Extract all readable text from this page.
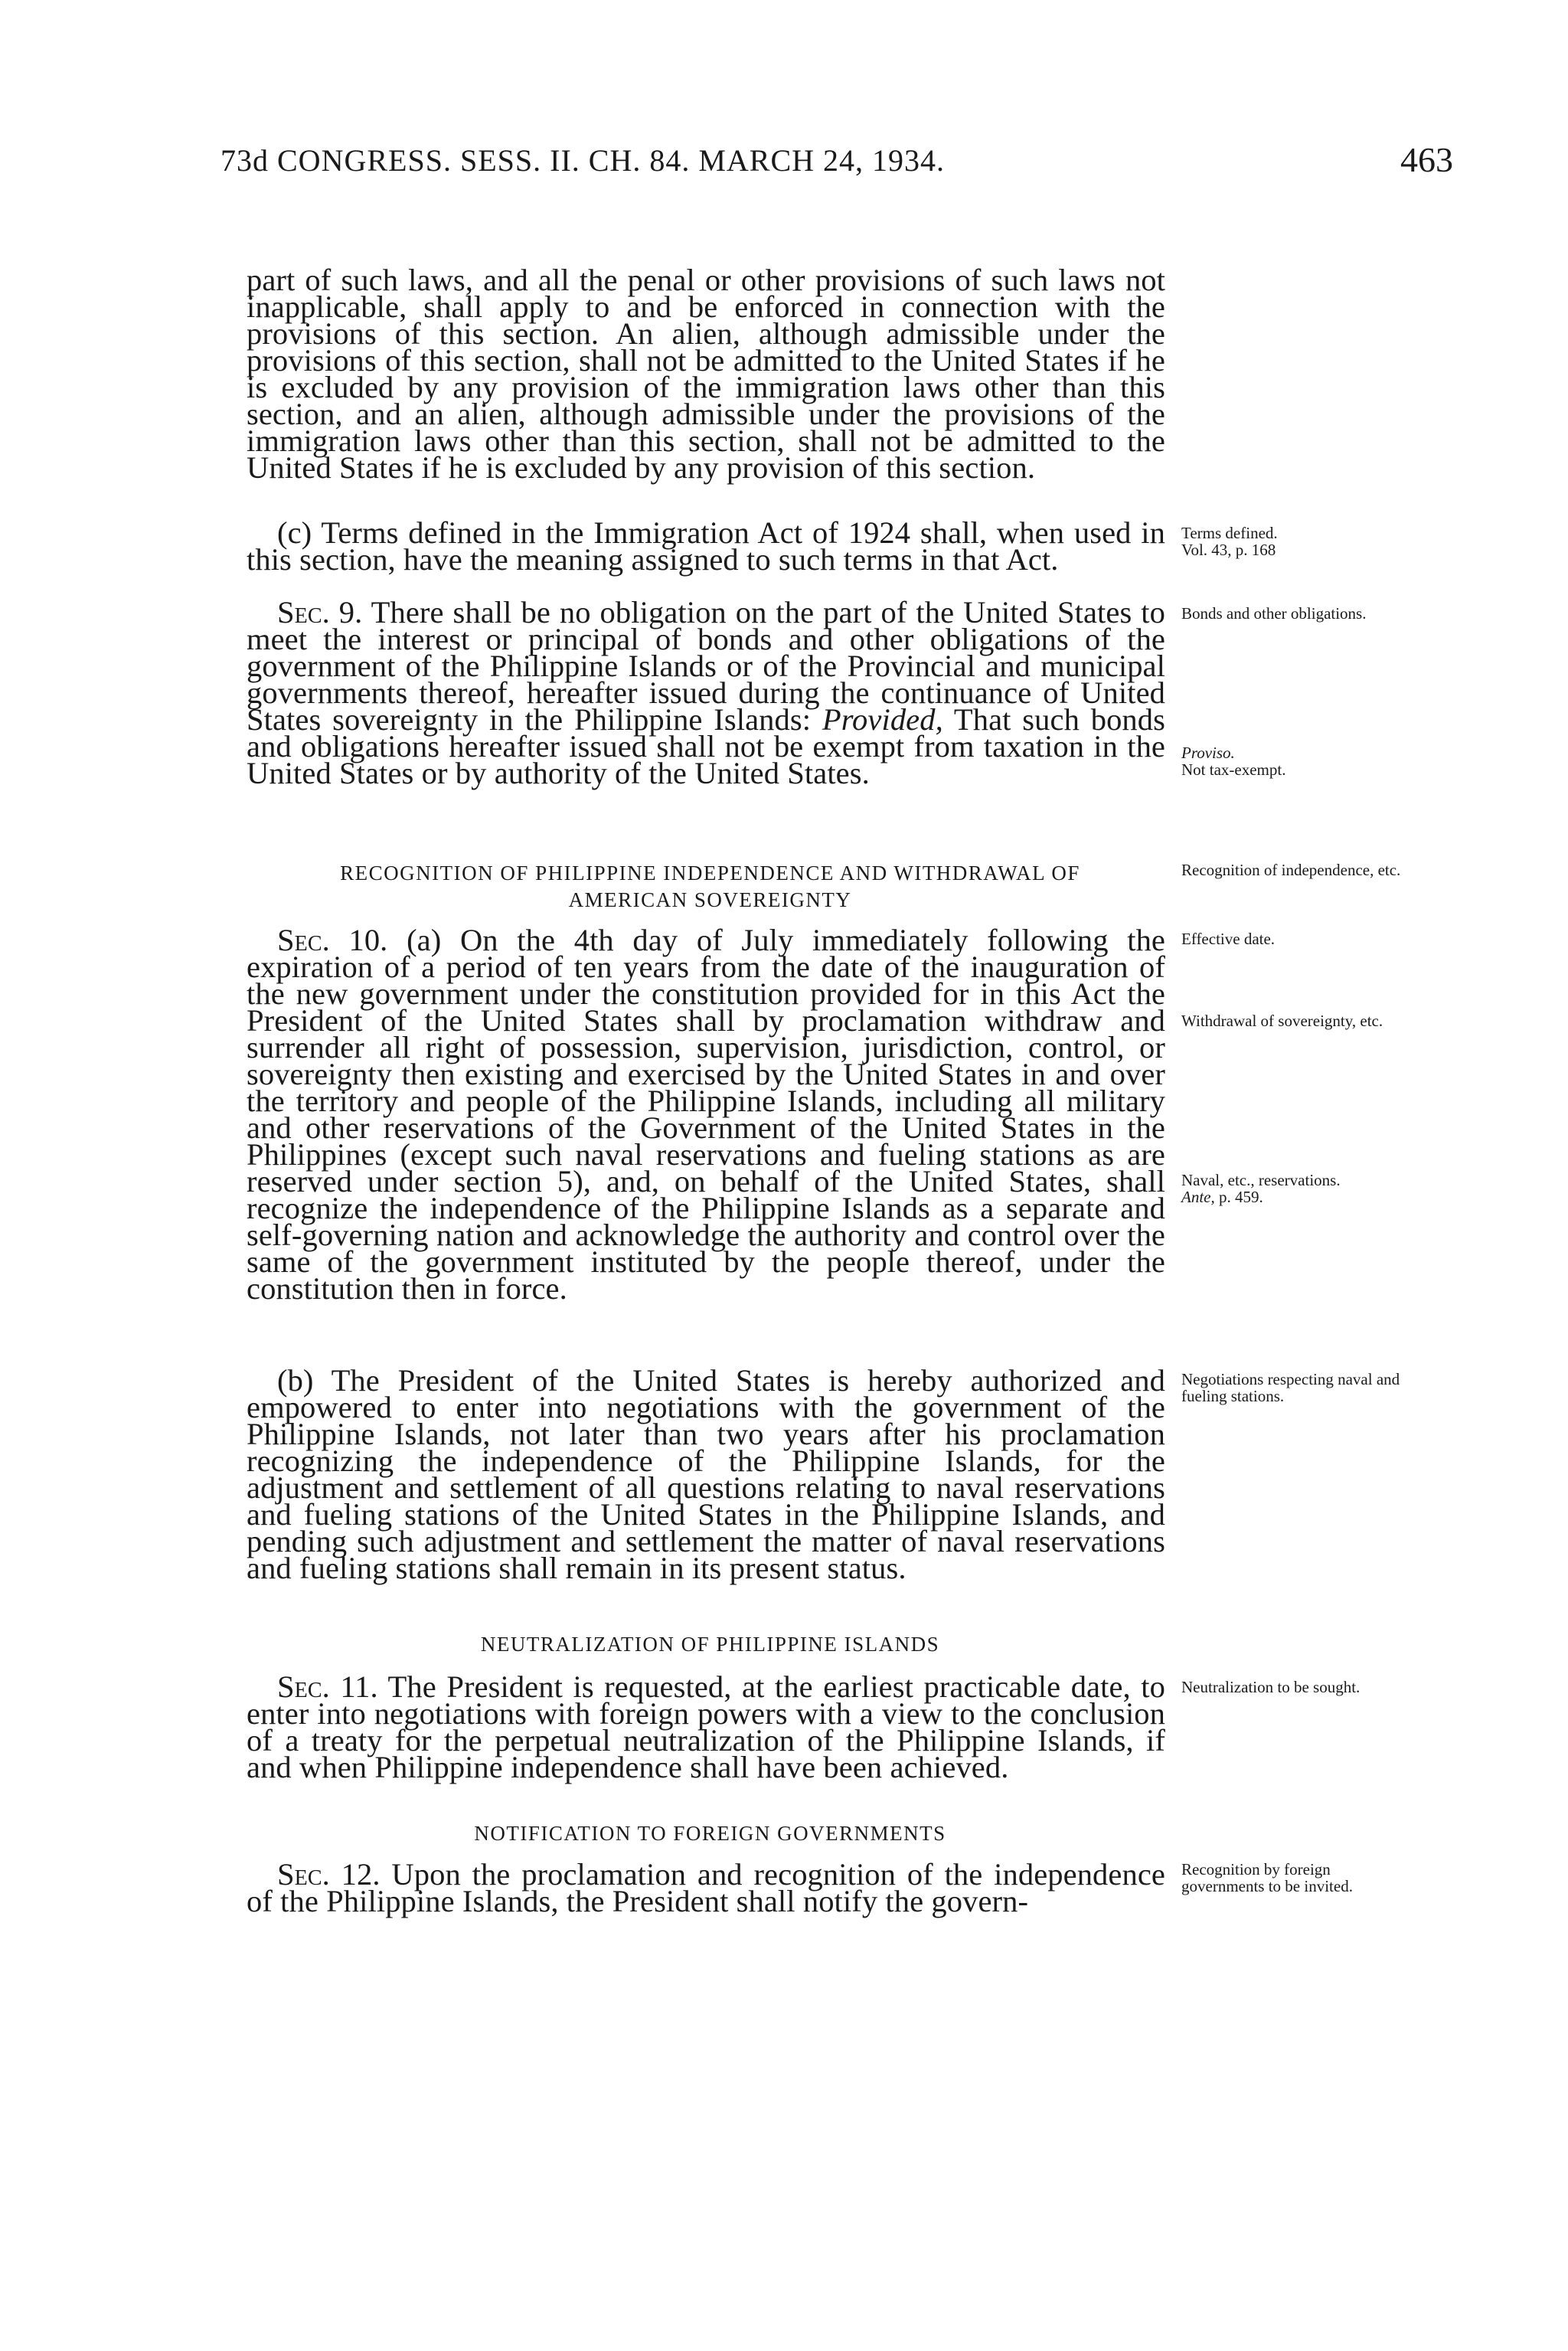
73d CONGRESS. SESS. II. CH. 84. MARCH 24, 1934.	463

part of such laws, and all the penal or other provisions of such laws not inapplicable, shall apply to and be enforced in connection with the provisions of this section. An alien, although admissible under the provisions of this section, shall not be admitted to the United States if he is excluded by any provision of the immigration laws other than this section, and an alien, although admissible under the provisions of the immigration laws other than this section, shall not be admitted to the United States if he is excluded by any provision of this section.

(c) Terms defined in the Immigration Act of 1924 shall, when used in this section, have the meaning assigned to such terms in that Act.

Sec. 9. There shall be no obligation on the part of the United States to meet the interest or principal of bonds and other obligations of the government of the Philippine Islands or of the Provincial and municipal governments thereof, hereafter issued during the continuance of United States sovereignty in the Philippine Islands: Provided, That such bonds and obligations hereafter issued shall not be exempt from taxation in the United States or by authority of the United States.

RECOGNITION OF PHILIPPINE INDEPENDENCE AND WITHDRAWAL OF
AMERICAN SOVEREIGNTY

Sec. 10. (a) On the 4th day of July immediately following the expiration of a period of ten years from the date of the inauguration of the new government under the constitution provided for in this Act the President of the United States shall by proclamation withdraw and surrender all right of possession, supervision, jurisdiction, control, or sovereignty then existing and exercised by the United States in and over the territory and people of the Philippine Islands, including all military and other reservations of the Government of the United States in the Philippines (except such naval reservations and fueling stations as are reserved under section 5), and, on behalf of the United States, shall recognize the independence of the Philippine Islands as a separate and self-governing nation and acknowledge the authority and control over the same of the government instituted by the people thereof, under the constitution then in force.

(b) The President of the United States is hereby authorized and empowered to enter into negotiations with the government of the Philippine Islands, not later than two years after his proclamation recognizing the independence of the Philippine Islands, for the adjustment and settlement of all questions relating to naval reservations and fueling stations of the United States in the Philippine Islands, and pending such adjustment and settlement the matter of naval reservations and fueling stations shall remain in its present status.

NEUTRALIZATION OF PHILIPPINE ISLANDS

Sec. 11. The President is requested, at the earliest practicable date, to enter into negotiations with foreign powers with a view to the conclusion of a treaty for the perpetual neutralization of the Philippine Islands, if and when Philippine independence shall have been achieved.

NOTIFICATION TO FOREIGN GOVERNMENTS

Sec. 12. Upon the proclamation and recognition of the independence of the Philippine Islands, the President shall notify the govern-

Terms defined.
Vol. 43, p. 168
Bonds and other obligations.
Proviso.
Not tax-exempt.
Recognition of independence, etc.
Effective date.
Withdrawal of sovereignty, etc.
Naval, etc., reservations.
Ante, p. 459.
Negotiations respecting naval and fueling stations.
Neutralization to be sought.
Recognition by foreign governments to be invited.
